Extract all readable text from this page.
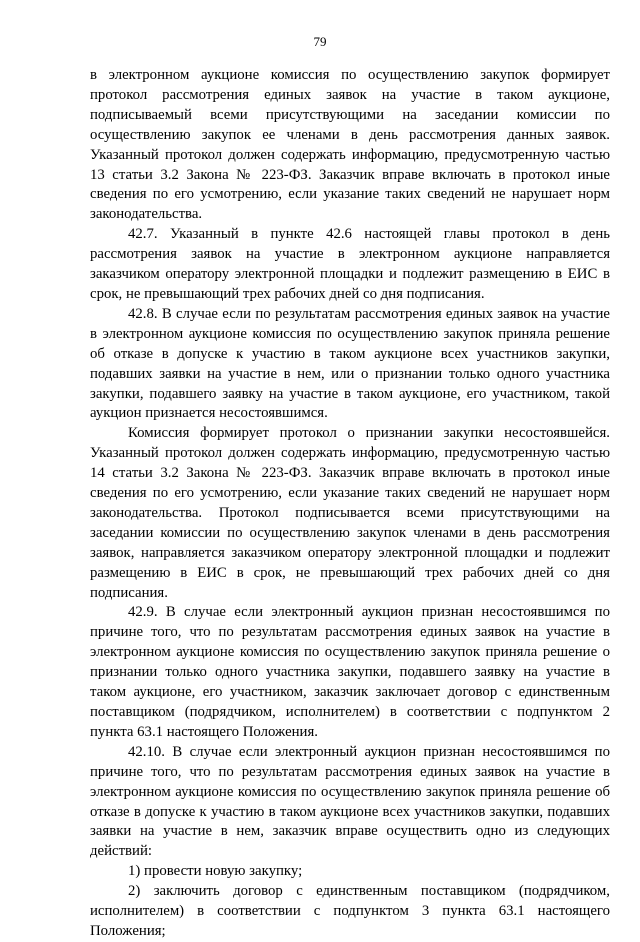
79

в электронном аукционе комиссия по осуществлению закупок формирует протокол рассмотрения единых заявок на участие в таком аукционе, подписываемый всеми присутствующими на заседании комиссии по осуществлению закупок ее членами в день рассмотрения данных заявок. Указанный протокол должен содержать информацию, предусмотренную частью 13 статьи 3.2 Закона № 223-ФЗ. Заказчик вправе включать в протокол иные сведения по его усмотрению, если указание таких сведений не нарушает норм законодательства.

42.7. Указанный в пункте 42.6 настоящей главы протокол в день рассмотрения заявок на участие в электронном аукционе направляется заказчиком оператору электронной площадки и подлежит размещению в ЕИС в срок, не превышающий трех рабочих дней со дня подписания.

42.8. В случае если по результатам рассмотрения единых заявок на участие в электронном аукционе комиссия по осуществлению закупок приняла решение об отказе в допуске к участию в таком аукционе всех участников закупки, подавших заявки на участие в нем, или о признании только одного участника закупки, подавшего заявку на участие в таком аукционе, его участником, такой аукцион признается несостоявшимся.

Комиссия формирует протокол о признании закупки несостоявшейся. Указанный протокол должен содержать информацию, предусмотренную частью 14 статьи 3.2 Закона № 223-ФЗ. Заказчик вправе включать в протокол иные сведения по его усмотрению, если указание таких сведений не нарушает норм законодательства. Протокол подписывается всеми присутствующими на заседании комиссии по осуществлению закупок членами в день рассмотрения заявок, направляется заказчиком оператору электронной площадки и подлежит размещению в ЕИС в срок, не превышающий трех рабочих дней со дня подписания.

42.9. В случае если электронный аукцион признан несостоявшимся по причине того, что по результатам рассмотрения единых заявок на участие в электронном аукционе комиссия по осуществлению закупок приняла решение о признании только одного участника закупки, подавшего заявку на участие в таком аукционе, его участником, заказчик заключает договор с единственным поставщиком (подрядчиком, исполнителем) в соответствии с подпунктом 2 пункта 63.1 настоящего Положения.

42.10. В случае если электронный аукцион признан несостоявшимся по причине того, что по результатам рассмотрения единых заявок на участие в электронном аукционе комиссия по осуществлению закупок приняла решение об отказе в допуске к участию в таком аукционе всех участников закупки, подавших заявки на участие в нем, заказчик вправе осуществить одно из следующих действий:

1) провести новую закупку;

2) заключить договор с единственным поставщиком (подрядчиком, исполнителем) в соответствии с подпунктом 3 пункта 63.1 настоящего Положения;
